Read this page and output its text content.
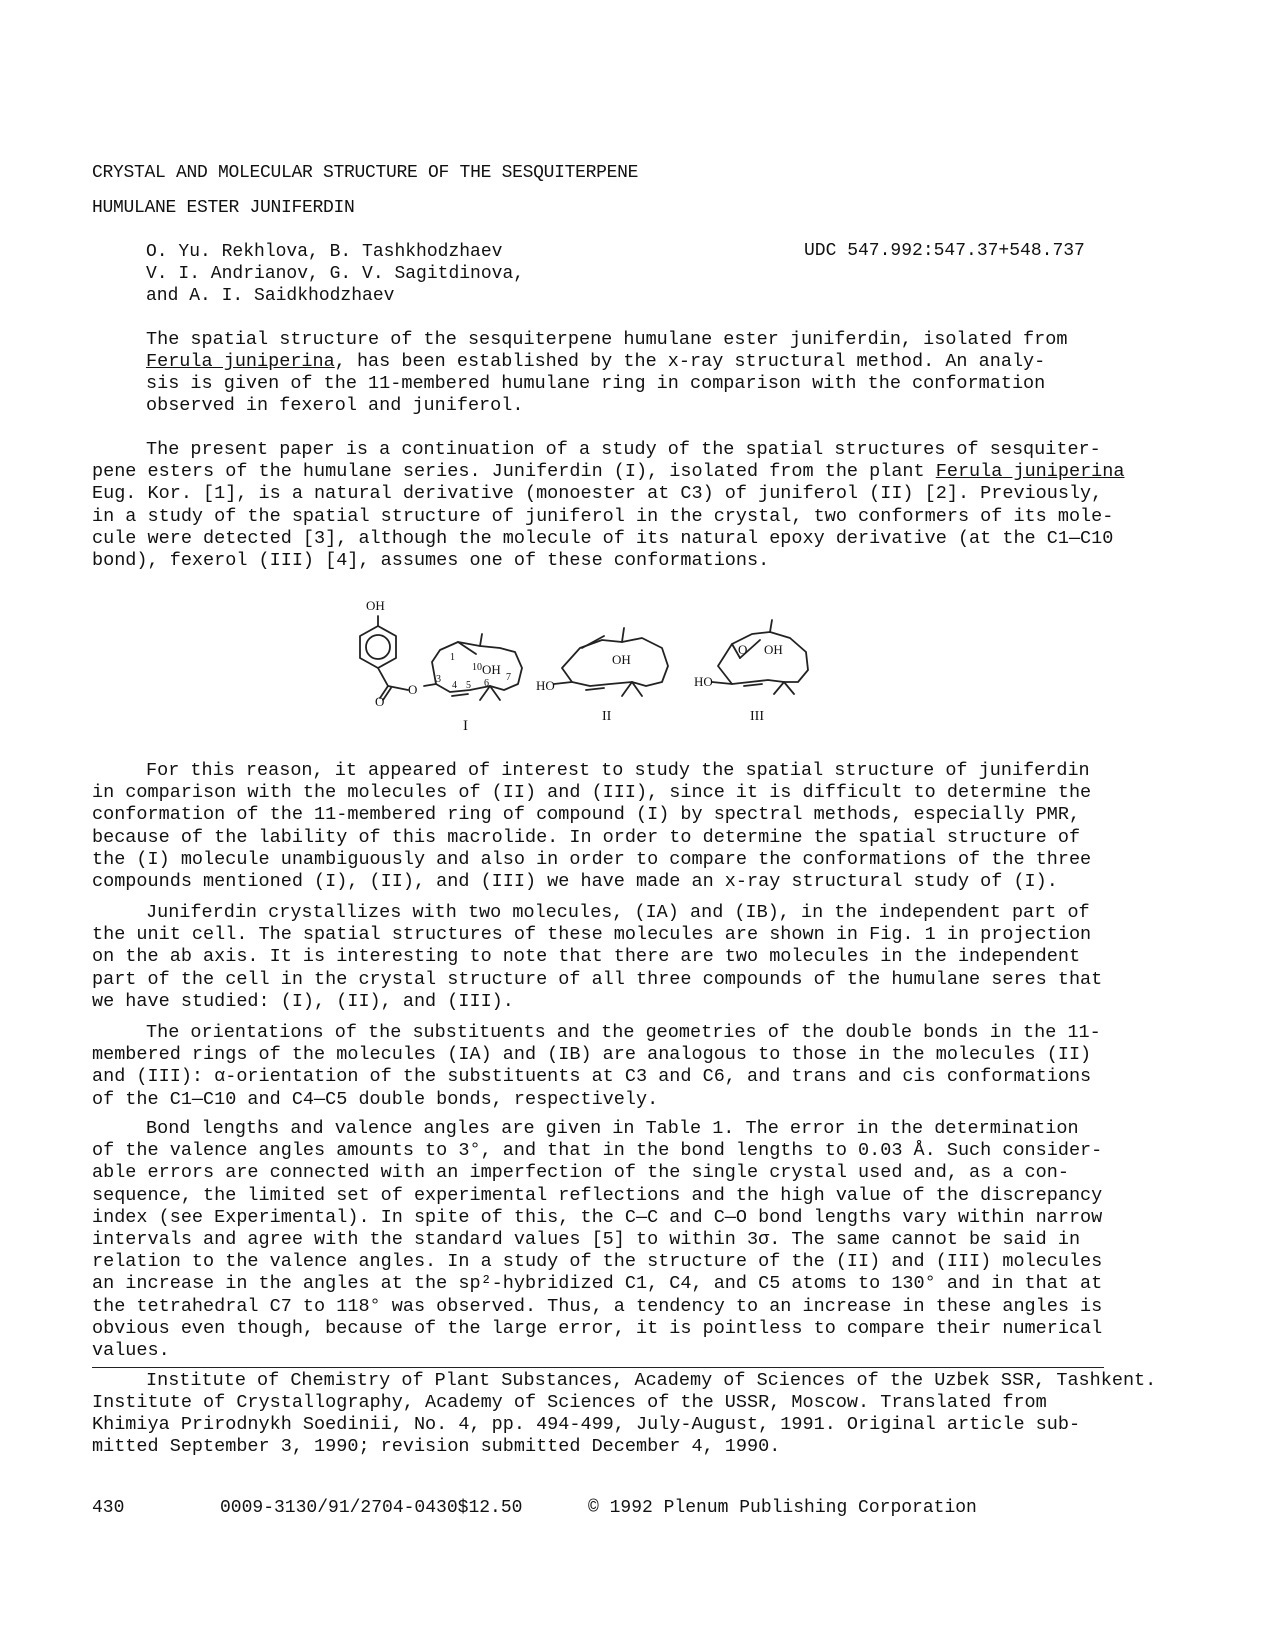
CRYSTAL AND MOLECULAR STRUCTURE OF THE SESQUITERPENE
HUMULANE ESTER JUNIFERDIN
O. Yu. Rekhlova, B. Tashkhodzhaev
V. I. Andrianov, G. V. Sagitdinova,
and A. I. Saidkhodzhaev
UDC 547.992:547.37+548.737
The spatial structure of the sesquiterpene humulane ester juniferdin, isolated from
Ferula juniperina, has been established by the x-ray structural method. An analy-
sis is given of the 11-membered humulane ring in comparison with the conformation
observed in fexerol and juniferol.
The present paper is a continuation of a study of the spatial structures of sesquiter-
pene esters of the humulane series. Juniferdin (I), isolated from the plant Ferula juniperina
Eug. Kor. [1], is a natural derivative (monoester at C3) of juniferol (II) [2]. Previously,
in a study of the spatial structure of juniferol in the crystal, two conformers of its mole-
cule were detected [3], although the molecule of its natural epoxy derivative (at the C1—C10
bond), fexerol (III) [4], assumes one of these conformations.
OH
O
O
1
10 OH
3
4 5 6
7
I
HO
OH
II
HO
O OH
III
For this reason, it appeared of interest to study the spatial structure of juniferdin
in comparison with the molecules of (II) and (III), since it is difficult to determine the
conformation of the 11-membered ring of compound (I) by spectral methods, especially PMR,
because of the lability of this macrolide. In order to determine the spatial structure of
the (I) molecule unambiguously and also in order to compare the conformations of the three
compounds mentioned (I), (II), and (III) we have made an x-ray structural study of (I).
Juniferdin crystallizes with two molecules, (IA) and (IB), in the independent part of
the unit cell. The spatial structures of these molecules are shown in Fig. 1 in projection
on the ab axis. It is interesting to note that there are two molecules in the independent
part of the cell in the crystal structure of all three compounds of the humulane seres that
we have studied: (I), (II), and (III).
The orientations of the substituents and the geometries of the double bonds in the 11-
membered rings of the molecules (IA) and (IB) are analogous to those in the molecules (II)
and (III): α-orientation of the substituents at C3 and C6, and trans and cis conformations
of the C1—C10 and C4—C5 double bonds, respectively.
Bond lengths and valence angles are given in Table 1. The error in the determination
of the valence angles amounts to 3°, and that in the bond lengths to 0.03 Å. Such consider-
able errors are connected with an imperfection of the single crystal used and, as a con-
sequence, the limited set of experimental reflections and the high value of the discrepancy
index (see Experimental). In spite of this, the C—C and C—O bond lengths vary within narrow
intervals and agree with the standard values [5] to within 3σ. The same cannot be said in
relation to the valence angles. In a study of the structure of the (II) and (III) molecules
an increase in the angles at the sp²-hybridized C1, C4, and C5 atoms to 130° and in that at
the tetrahedral C7 to 118° was observed. Thus, a tendency to an increase in these angles is
obvious even though, because of the large error, it is pointless to compare their numerical
values.
Institute of Chemistry of Plant Substances, Academy of Sciences of the Uzbek SSR, Tashkent.
Institute of Crystallography, Academy of Sciences of the USSR, Moscow. Translated from
Khimiya Prirodnykh Soedinii, No. 4, pp. 494-499, July-August, 1991. Original article sub-
mitted September 3, 1990; revision submitted December 4, 1990.
430	0009-3130/91/2704-0430$12.50	© 1992 Plenum Publishing Corporation
